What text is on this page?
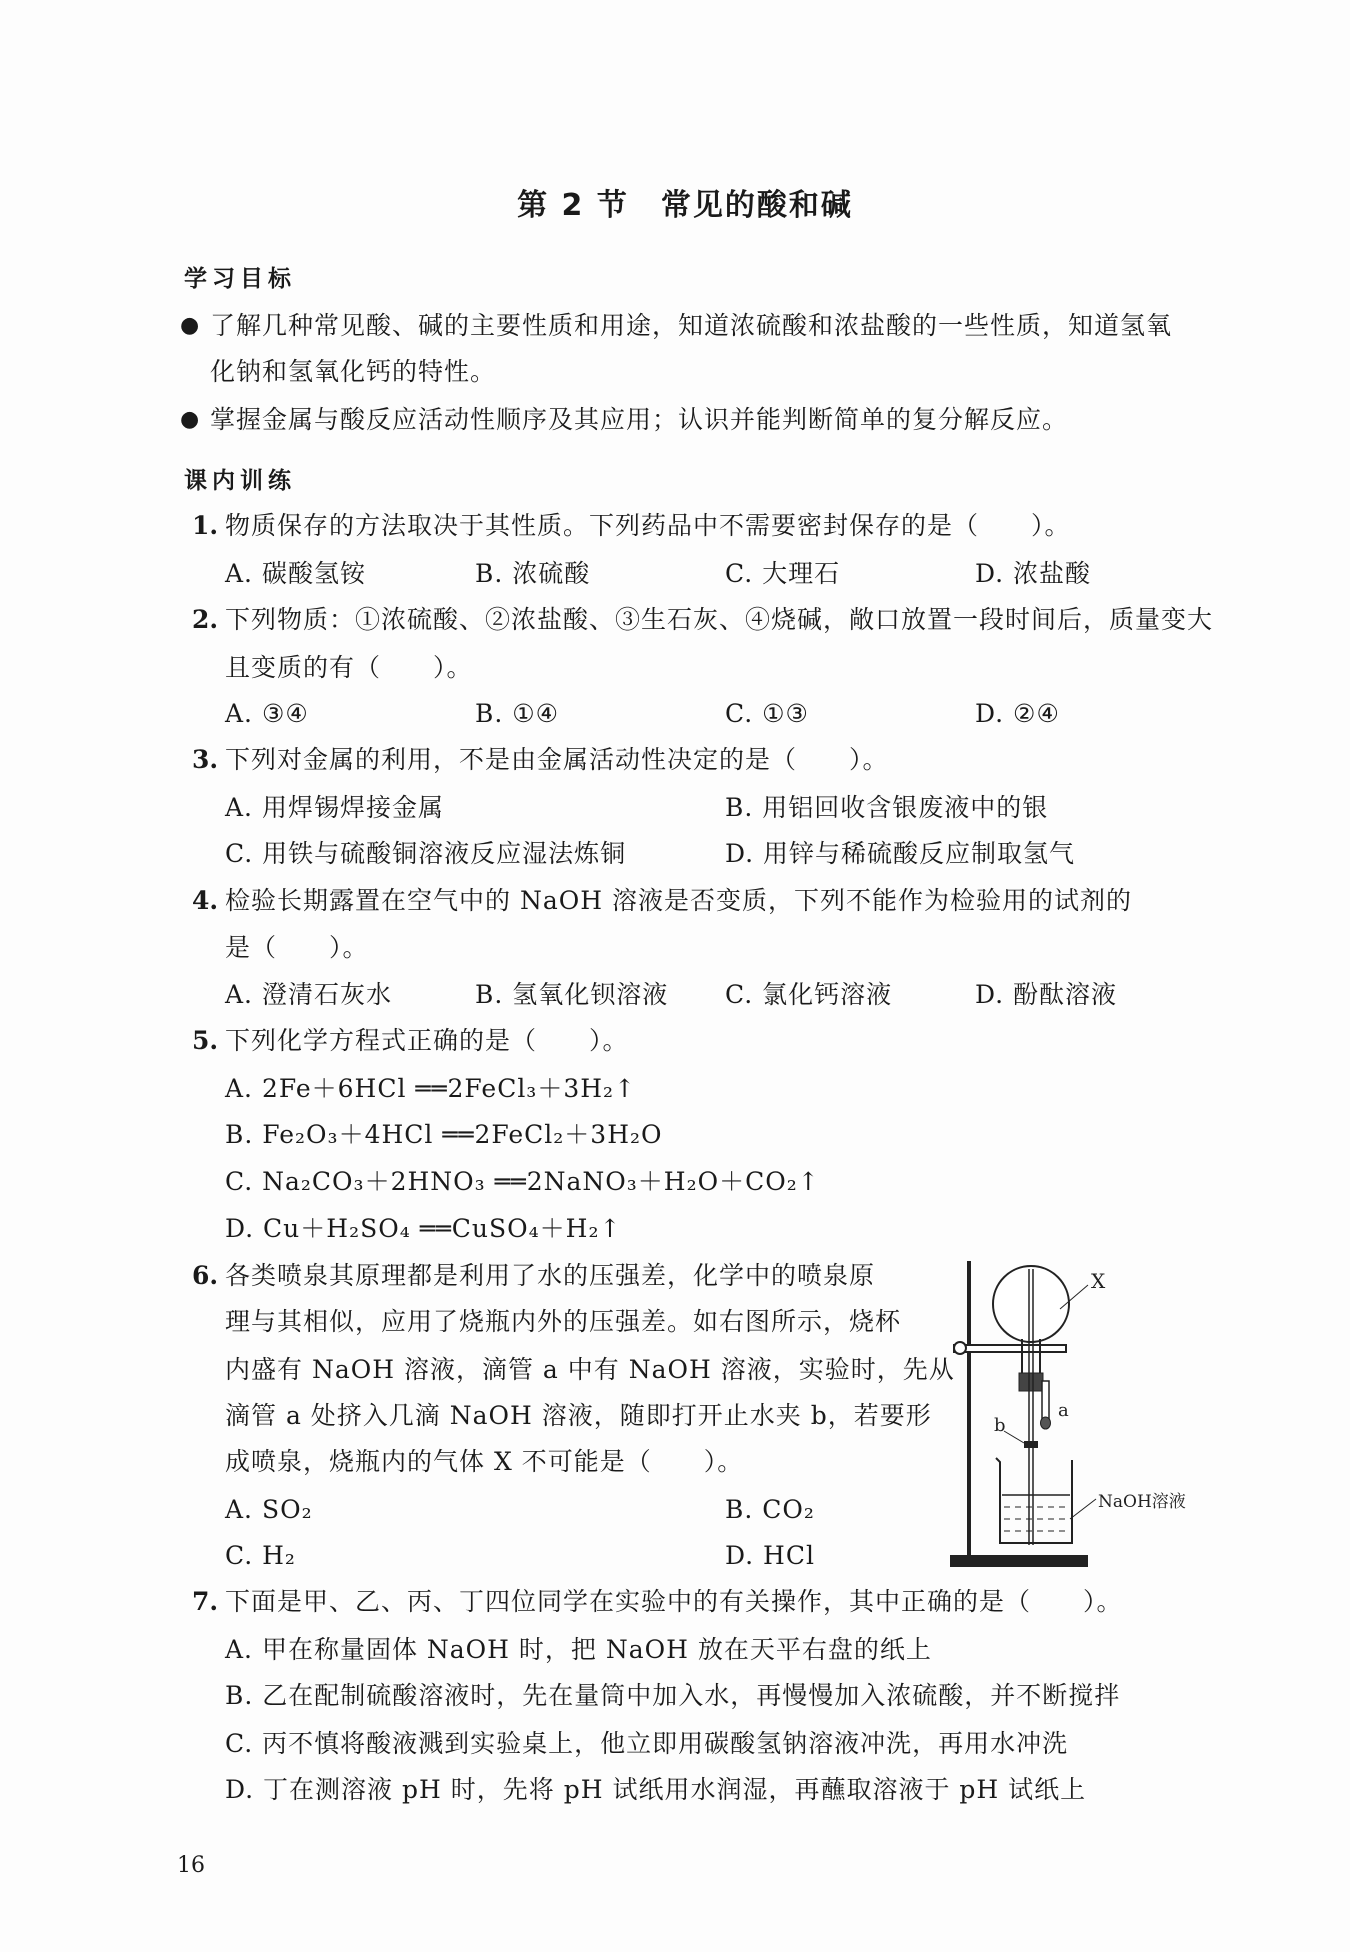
第 2 节　常见的酸和碱
学习目标
● 了解几种常见酸、碱的主要性质和用途，知道浓硫酸和浓盐酸的一些性质，知道氢氧
化钠和氢氧化钙的特性。
● 掌握金属与酸反应活动性顺序及其应用；认识并能判断简单的复分解反应。
课内训练
1. 物质保存的方法取决于其性质。下列药品中不需要密封保存的是（　　）。
A. 碳酸氢铵	B. 浓硫酸	C. 大理石	D. 浓盐酸
2. 下列物质：①浓硫酸、②浓盐酸、③生石灰、④烧碱，敞口放置一段时间后，质量变大
且变质的有（　　）。
A. ③④	B. ①④	C. ①③	D. ②④
3. 下列对金属的利用，不是由金属活动性决定的是（　　）。
A. 用焊锡焊接金属	B. 用铝回收含银废液中的银
C. 用铁与硫酸铜溶液反应湿法炼铜	D. 用锌与稀硫酸反应制取氢气
4. 检验长期露置在空气中的 NaOH 溶液是否变质，下列不能作为检验用的试剂的
是（　　）。
A. 澄清石灰水	B. 氢氧化钡溶液 C. 氯化钙溶液	D. 酚酞溶液
5. 下列化学方程式正确的是（　　）。
A. 2Fe＋6HCl ══2FeCl₃＋3H₂↑
B. Fe₂O₃＋4HCl ══2FeCl₂＋3H₂O
C. Na₂CO₃＋2HNO₃ ══2NaNO₃＋H₂O＋CO₂↑
D. Cu＋H₂SO₄ ══CuSO₄＋H₂↑
6. 各类喷泉其原理都是利用了水的压强差，化学中的喷泉原
理与其相似，应用了烧瓶内外的压强差。如右图所示，烧杯
内盛有 NaOH 溶液，滴管 a 中有 NaOH 溶液，实验时，先从
滴管 a 处挤入几滴 NaOH 溶液，随即打开止水夹 b，若要形
成喷泉，烧瓶内的气体 X 不可能是（　　）。
A. SO₂	B. CO₂
C. H₂	D. HCl
a
b
X
NaOH溶液
7. 下面是甲、乙、丙、丁四位同学在实验中的有关操作，其中正确的是（　　）。
A. 甲在称量固体 NaOH 时，把 NaOH 放在天平右盘的纸上
B. 乙在配制硫酸溶液时，先在量筒中加入水，再慢慢加入浓硫酸，并不断搅拌
C. 丙不慎将酸液溅到实验桌上，他立即用碳酸氢钠溶液冲洗，再用水冲洗
D. 丁在测溶液 pH 时，先将 pH 试纸用水润湿，再蘸取溶液于 pH 试纸上
16
